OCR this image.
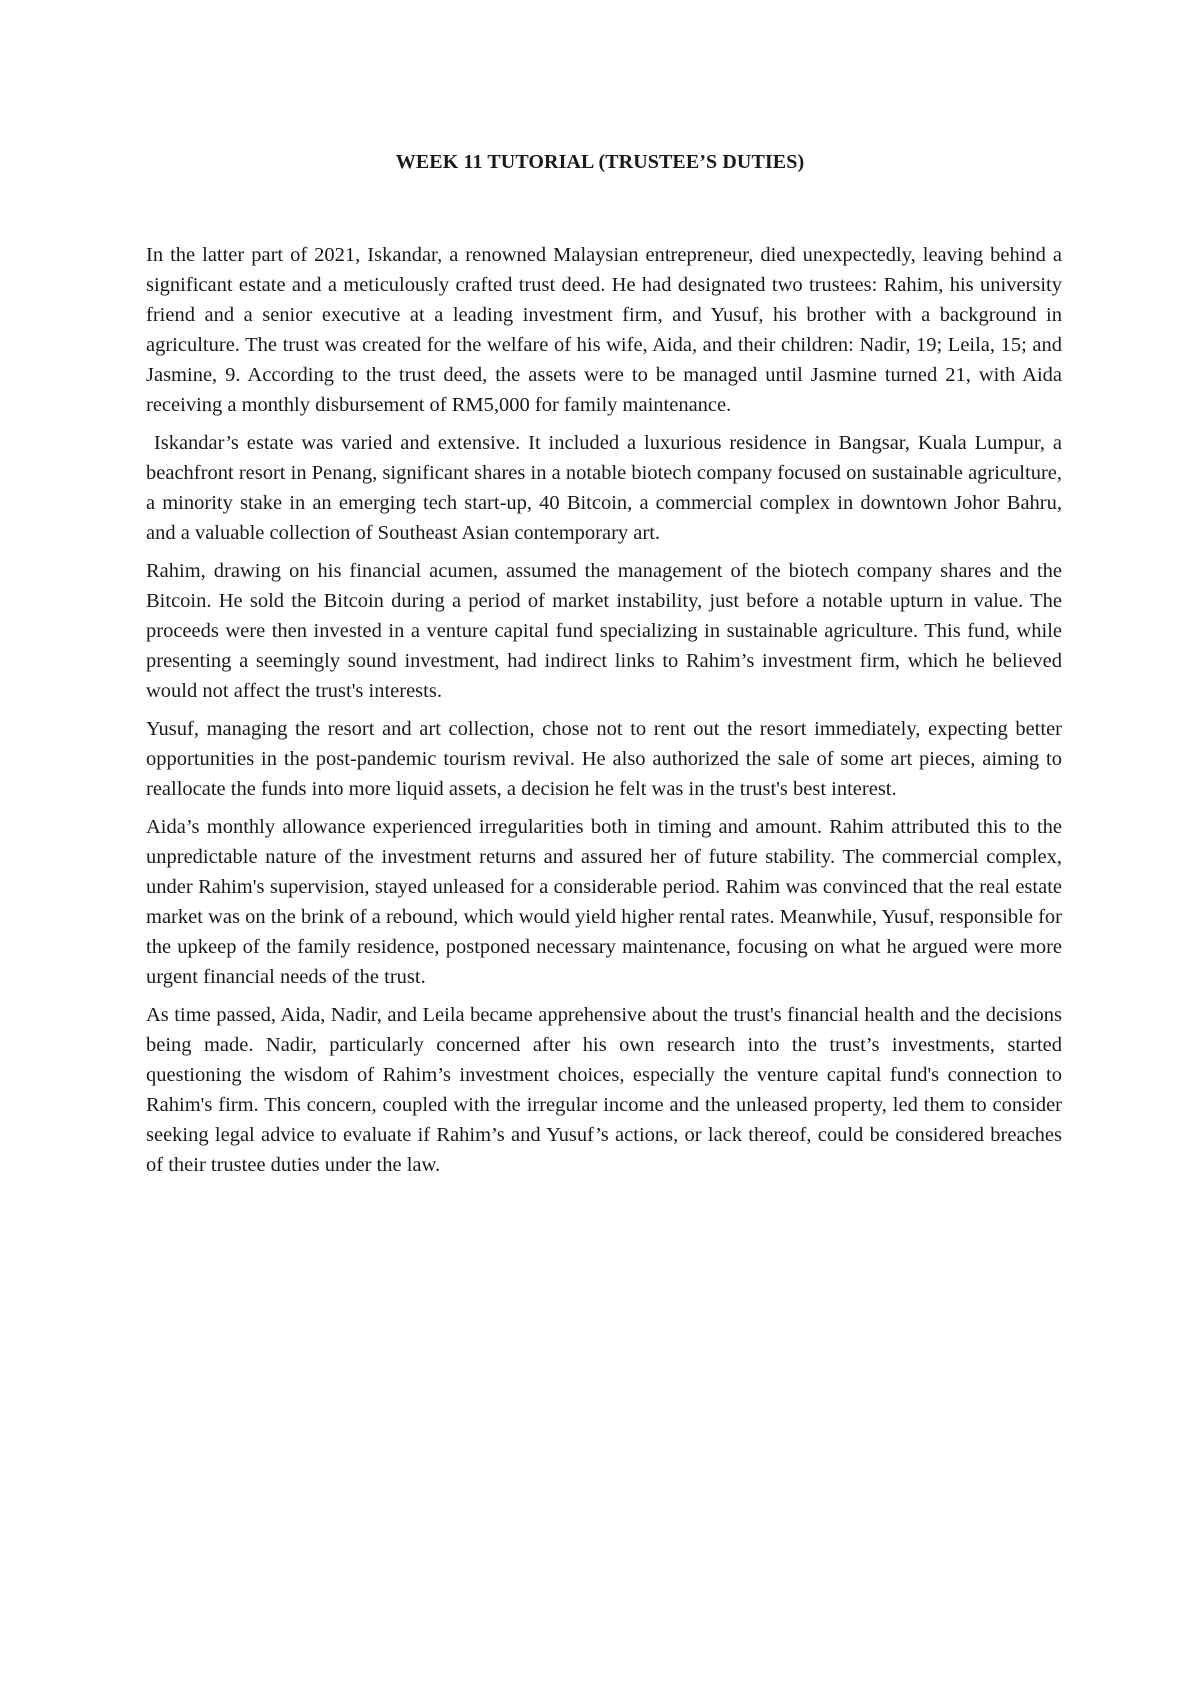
WEEK 11 TUTORIAL (TRUSTEE’S DUTIES)

In the latter part of 2021, Iskandar, a renowned Malaysian entrepreneur, died unexpectedly, leaving behind a significant estate and a meticulously crafted trust deed. He had designated two trustees: Rahim, his university friend and a senior executive at a leading investment firm, and Yusuf, his brother with a background in agriculture. The trust was created for the welfare of his wife, Aida, and their children: Nadir, 19; Leila, 15; and Jasmine, 9. According to the trust deed, the assets were to be managed until Jasmine turned 21, with Aida receiving a monthly disbursement of RM5,000 for family maintenance.

Iskandar’s estate was varied and extensive. It included a luxurious residence in Bangsar, Kuala Lumpur, a beachfront resort in Penang, significant shares in a notable biotech company focused on sustainable agriculture, a minority stake in an emerging tech start-up, 40 Bitcoin, a commercial complex in downtown Johor Bahru, and a valuable collection of Southeast Asian contemporary art.

Rahim, drawing on his financial acumen, assumed the management of the biotech company shares and the Bitcoin. He sold the Bitcoin during a period of market instability, just before a notable upturn in value. The proceeds were then invested in a venture capital fund specializing in sustainable agriculture. This fund, while presenting a seemingly sound investment, had indirect links to Rahim’s investment firm, which he believed would not affect the trust's interests.

Yusuf, managing the resort and art collection, chose not to rent out the resort immediately, expecting better opportunities in the post-pandemic tourism revival. He also authorized the sale of some art pieces, aiming to reallocate the funds into more liquid assets, a decision he felt was in the trust's best interest.

Aida’s monthly allowance experienced irregularities both in timing and amount. Rahim attributed this to the unpredictable nature of the investment returns and assured her of future stability. The commercial complex, under Rahim's supervision, stayed unleased for a considerable period. Rahim was convinced that the real estate market was on the brink of a rebound, which would yield higher rental rates. Meanwhile, Yusuf, responsible for the upkeep of the family residence, postponed necessary maintenance, focusing on what he argued were more urgent financial needs of the trust.

As time passed, Aida, Nadir, and Leila became apprehensive about the trust's financial health and the decisions being made. Nadir, particularly concerned after his own research into the trust’s investments, started questioning the wisdom of Rahim’s investment choices, especially the venture capital fund's connection to Rahim's firm. This concern, coupled with the irregular income and the unleased property, led them to consider seeking legal advice to evaluate if Rahim’s and Yusuf’s actions, or lack thereof, could be considered breaches of their trustee duties under the law.
